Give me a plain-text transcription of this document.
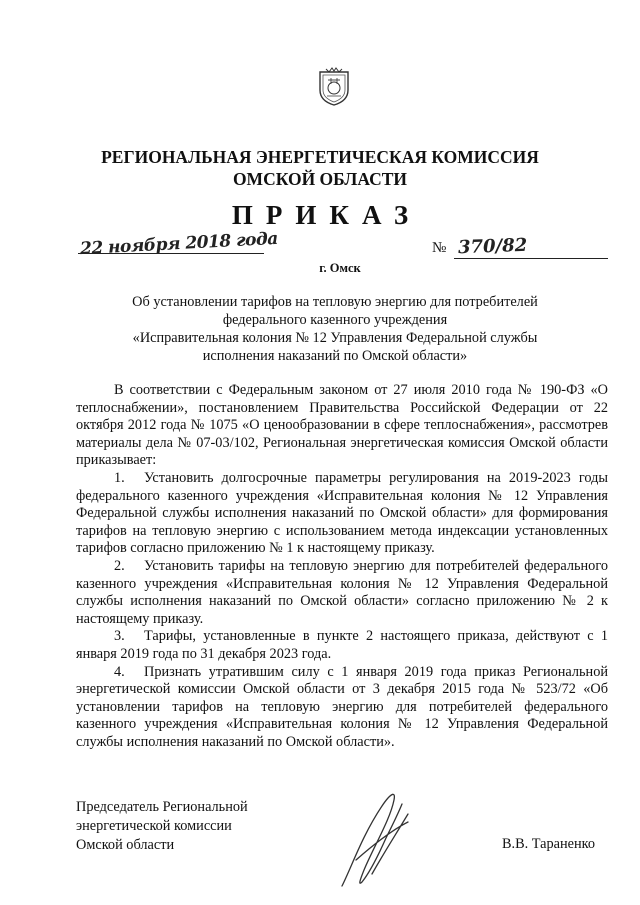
РЕГИОНАЛЬНАЯ ЭНЕРГЕТИЧЕСКАЯ КОМИССИЯ
ОМСКОЙ ОБЛАСТИ
ПРИКАЗ
22 ноября 2018 года	№ 370/82
г. Омск
Об установлении тарифов на тепловую энергию для потребителей
федерального казенного учреждения
«Исправительная колония № 12 Управления Федеральной службы
исполнения наказаний по Омской области»

В соответствии с Федеральным законом от 27 июля 2010 года № 190-ФЗ «О теплоснабжении», постановлением Правительства Российской Федерации от 22 октября 2012 года № 1075 «О ценообразовании в сфере теплоснабжения», рассмотрев материалы дела № 07-03/102, Региональная энергетическая комиссия Омской области приказывает:

1. Установить долгосрочные параметры регулирования на 2019-2023 годы федерального казенного учреждения «Исправительная колония № 12 Управления Федеральной службы исполнения наказаний по Омской области» для формирования тарифов на тепловую энергию с использованием метода индексации установленных тарифов согласно приложению № 1 к настоящему приказу.

2. Установить тарифы на тепловую энергию для потребителей федерального казенного учреждения «Исправительная колония № 12 Управления Федеральной службы исполнения наказаний по Омской области» согласно приложению № 2 к настоящему приказу.

3. Тарифы, установленные в пункте 2 настоящего приказа, действуют с 1 января 2019 года по 31 декабря 2023 года.

4. Признать утратившим силу с 1 января 2019 года приказ Региональной энергетической комиссии Омской области от 3 декабря 2015 года № 523/72 «Об установлении тарифов на тепловую энергию для потребителей федерального казенного учреждения «Исправительная колония № 12 Управления Федеральной службы исполнения наказаний по Омской области».

Председатель Региональной
энергетической комиссии
Омской области	В.В. Тараненко
